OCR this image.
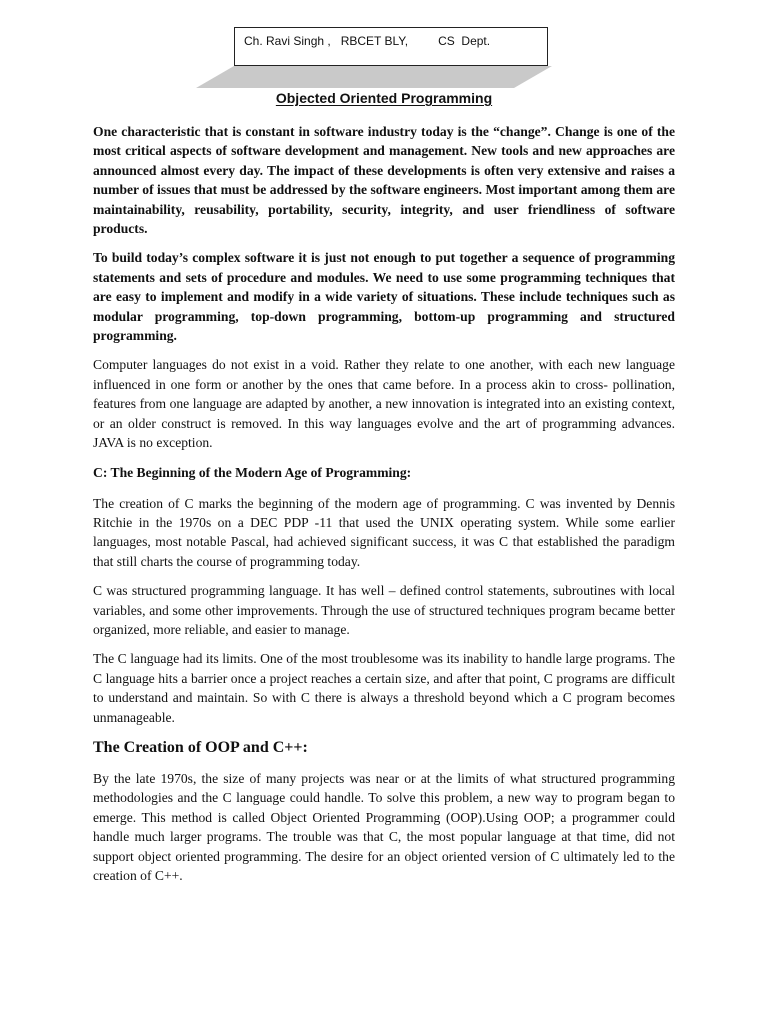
Ch. Ravi Singh ,   RBCET BLY,         CS  Dept.
Objected Oriented Programming

One characteristic that is constant in software industry today is the “change”. Change is one of the most critical aspects of software development and management. New tools and new approaches are announced almost every day. The impact of these developments is often very extensive and raises a number of issues that must be addressed by the software engineers. Most important among them are maintainability, reusability, portability, security, integrity, and user friendliness of software products.

To build today’s complex software it is just not enough to put together a sequence of programming statements and sets of procedure and modules. We need to use some programming techniques that are easy to implement and modify in a wide variety of situations. These include techniques such as modular programming, top-down programming, bottom-up programming and structured programming.

Computer languages do not exist in a void. Rather they relate to one another, with each new language influenced in one form or another by the ones that came before. In a process akin to cross- pollination, features from one language are adapted by another, a new innovation is integrated into an existing context, or an older construct is removed. In this way languages evolve and the art of programming advances. JAVA is no exception.

C: The Beginning of the Modern Age of Programming:

The creation of C marks the beginning of the modern age of programming. C was invented by Dennis Ritchie in the 1970s on a DEC PDP -11 that used the UNIX operating system. While some earlier languages, most notable Pascal, had achieved significant success, it was C that established the paradigm that still charts the course of programming today.

C was structured programming language. It has well – defined control statements, subroutines with local variables, and some other improvements. Through the use of structured techniques program became better organized, more reliable, and easier to manage.

The C language had its limits. One of the most troublesome was its inability to handle large programs. The C language hits a barrier once a project reaches a certain size, and after that point, C programs are difficult to understand and maintain. So with C there is always a threshold beyond which a C program becomes unmanageable.

The Creation of OOP and C++:

By the late 1970s, the size of many projects was near or at the limits of what structured programming methodologies and the C language could handle. To solve this problem, a new way to program began to emerge. This method is called Object Oriented Programming (OOP).Using OOP; a programmer could handle much larger programs. The trouble was that C, the most popular language at that time, did not support object oriented programming. The desire for an object oriented version of C ultimately led to the creation of C++.
